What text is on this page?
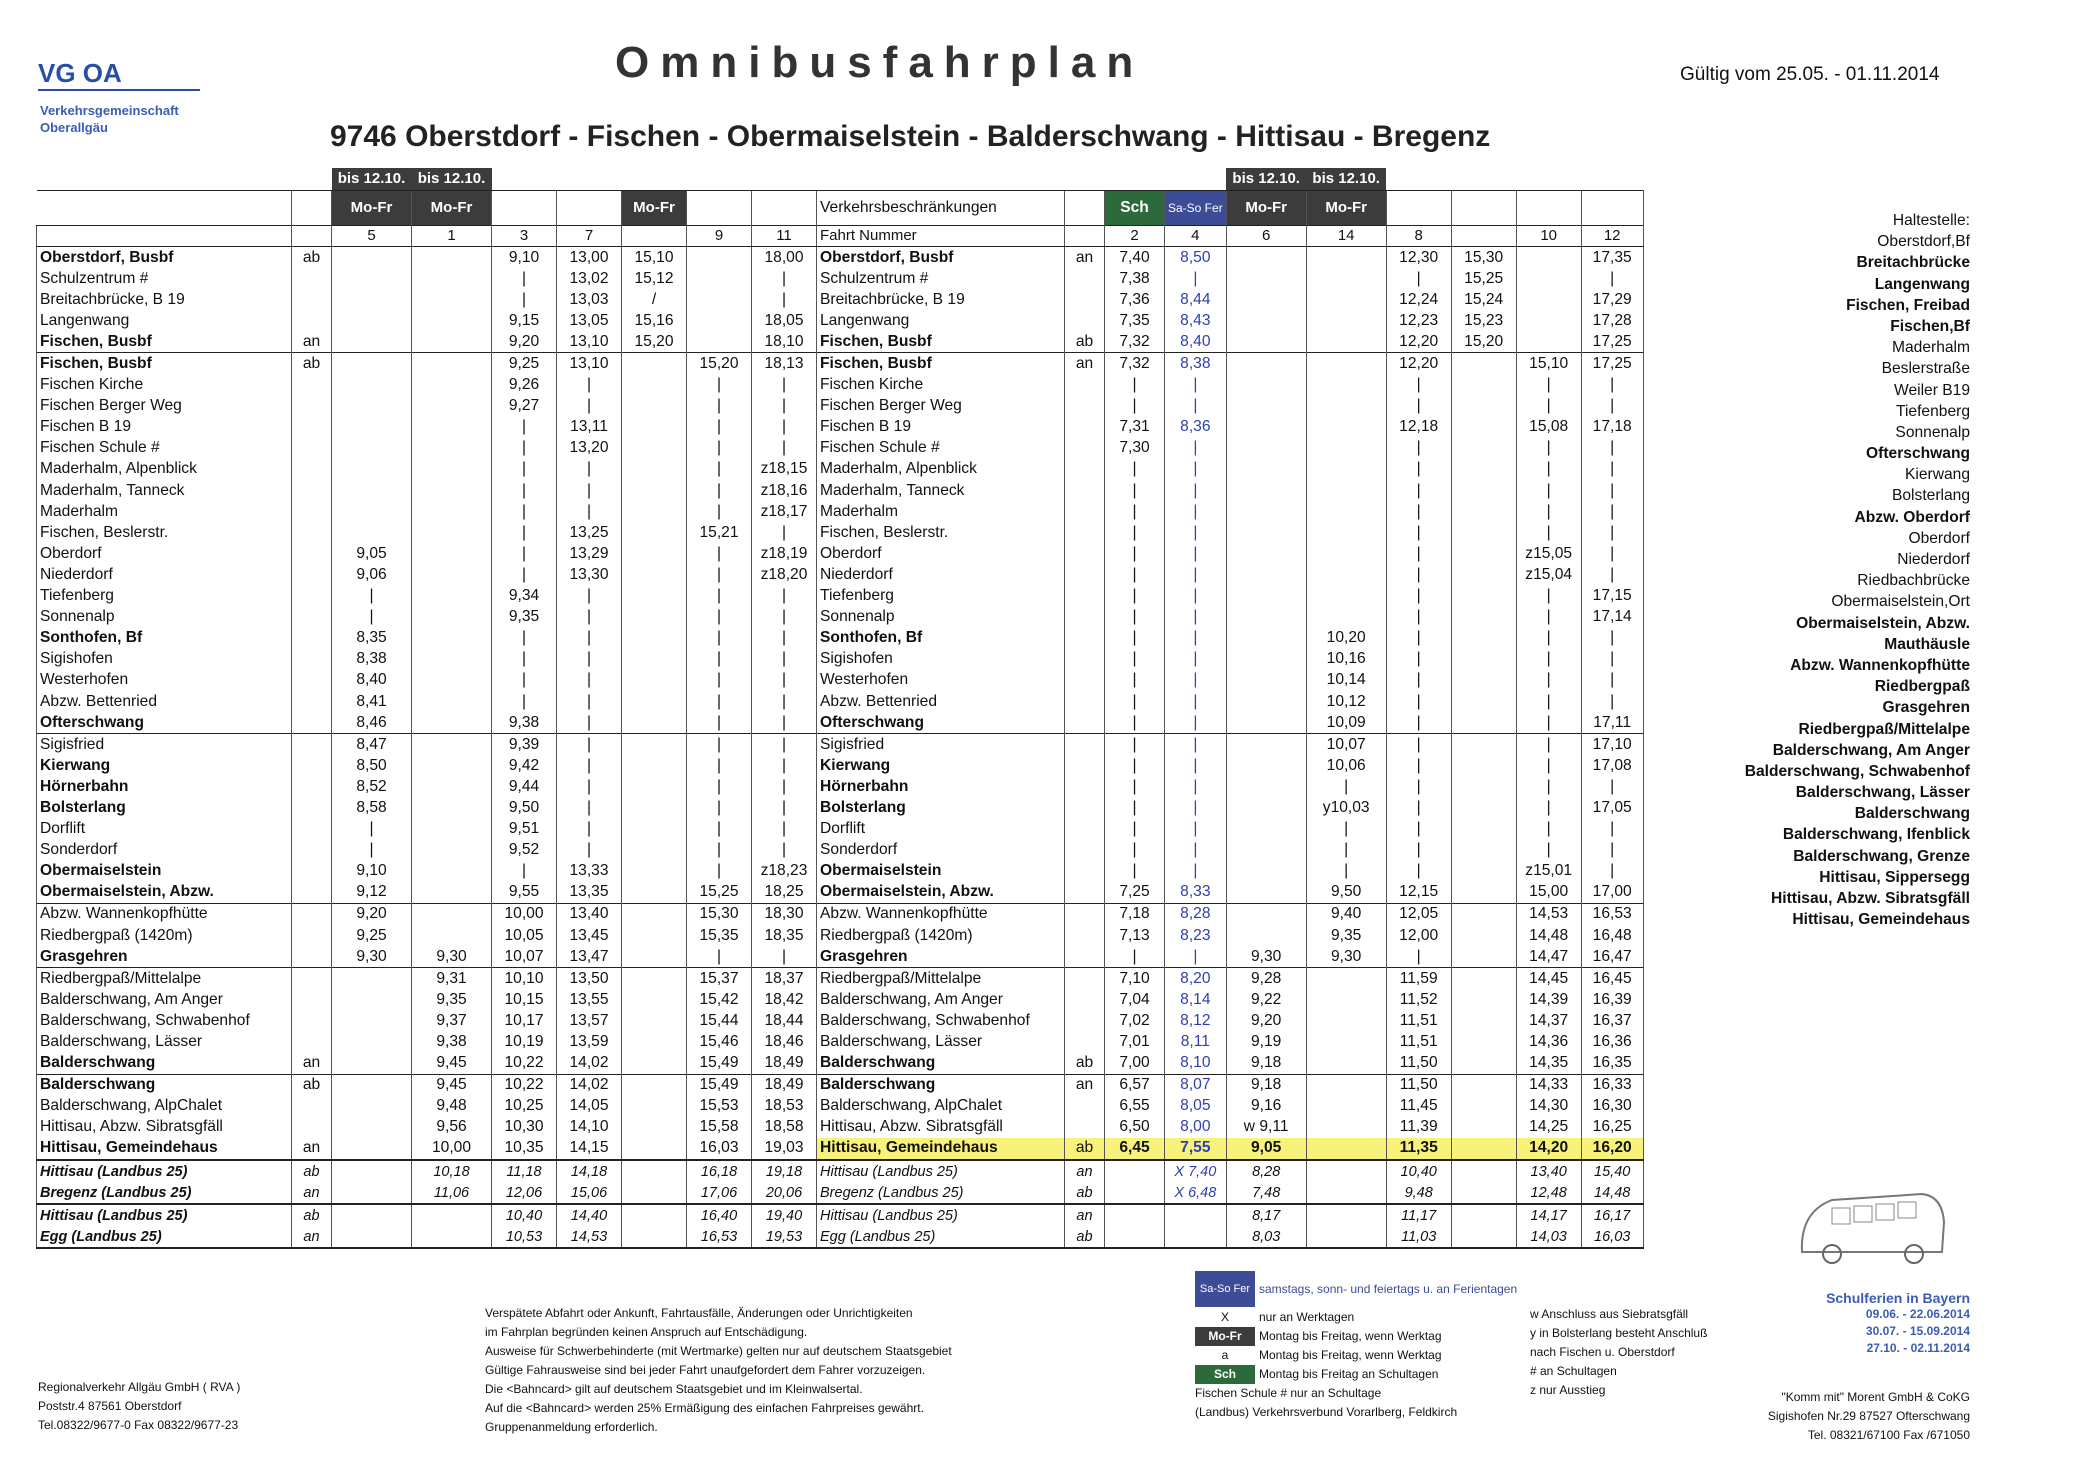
VG OA
Verkehrsgemeinschaft
Oberallgäu
Omnibusfahrplan	Gültig vom 25.05. - 01.11.2014
9746 Oberstdorf - Fischen - Obermaiselstein - Balderschwang - Hittisau - Bregenz
		bis 12.10.	bis 12.10.										bis 12.10.	bis 12.10.				
		Mo-Fr	Mo-Fr			Mo-Fr			Verkehrsbeschränkungen		Sch	Sa-So Fer	Mo-Fr	Mo-Fr				
		5	1	3	7		9	11	Fahrt Nummer		2	4	6	14	8		10	12
Oberstdorf, Busbf	ab			9,10	13,00	15,10		18,00	Oberstdorf, Busbf	an	7,40	8,50			12,30	15,30		17,35
Schulzentrum #				|	13,02	15,12		|	Schulzentrum #		7,38	|			|	15,25		|
Breitachbrücke, B 19				|	13,03	/		|	Breitachbrücke, B 19		7,36	8,44			12,24	15,24		17,29
Langenwang				9,15	13,05	15,16		18,05	Langenwang		7,35	8,43			12,23	15,23		17,28
Fischen, Busbf	an			9,20	13,10	15,20		18,10	Fischen, Busbf	ab	7,32	8,40			12,20	15,20		17,25
Fischen, Busbf	ab			9,25	13,10		15,20	18,13	Fischen, Busbf	an	7,32	8,38			12,20		15,10	17,25
Fischen Kirche				9,26	|		|	|	Fischen Kirche		|	|			|		|	|
Fischen Berger Weg				9,27	|		|	|	Fischen Berger Weg		|	|			|		|	|
Fischen B 19				|	13,11		|	|	Fischen B 19		7,31	8,36			12,18		15,08	17,18
Fischen Schule #				|	13,20		|	|	Fischen Schule #		7,30	|			|		|	|
Maderhalm, Alpenblick				|	|		|	z18,15	Maderhalm, Alpenblick		|	|			|		|	|
Maderhalm, Tanneck				|	|		|	z18,16	Maderhalm, Tanneck		|	|			|		|	|
Maderhalm				|	|		|	z18,17	Maderhalm		|	|			|		|	|
Fischen, Beslerstr.				|	13,25		15,21	|	Fischen, Beslerstr.		|	|			|		|	|
Oberdorf		9,05		|	13,29		|	z18,19	Oberdorf		|	|			|		z15,05	|
Niederdorf		9,06		|	13,30		|	z18,20	Niederdorf		|	|			|		z15,04	|
Tiefenberg		|		9,34	|		|	|	Tiefenberg		|	|			|		|	17,15
Sonnenalp		|		9,35	|		|	|	Sonnenalp		|	|			|		|	17,14
Sonthofen, Bf		8,35		|	|		|	|	Sonthofen, Bf		|	|		10,20	|		|	|
Sigishofen		8,38		|	|		|	|	Sigishofen		|	|		10,16	|		|	|
Westerhofen		8,40		|	|		|	|	Westerhofen		|	|		10,14	|		|	|
Abzw. Bettenried		8,41		|	|		|	|	Abzw. Bettenried		|	|		10,12	|		|	|
Ofterschwang		8,46		9,38	|		|	|	Ofterschwang		|	|		10,09	|		|	17,11
Sigisfried		8,47		9,39	|		|	|	Sigisfried		|	|		10,07	|		|	17,10
Kierwang		8,50		9,42	|		|	|	Kierwang		|	|		10,06	|		|	17,08
Hörnerbahn		8,52		9,44	|		|	|	Hörnerbahn		|	|		|	|		|	|
Bolsterlang		8,58		9,50	|		|	|	Bolsterlang		|	|		y10,03	|		|	17,05
Dorflift		|		9,51	|		|	|	Dorflift		|	|		|	|		|	|
Sonderdorf		|		9,52	|		|	|	Sonderdorf		|	|		|	|		|	|
Obermaiselstein		9,10		|	13,33		|	z18,23	Obermaiselstein		|	|		|	|		z15,01	|
Obermaiselstein, Abzw.		9,12		9,55	13,35		15,25	18,25	Obermaiselstein, Abzw.		7,25	8,33		9,50	12,15		15,00	17,00
Abzw. Wannenkopfhütte		9,20		10,00	13,40		15,30	18,30	Abzw. Wannenkopfhütte		7,18	8,28		9,40	12,05		14,53	16,53
Riedbergpaß (1420m)		9,25		10,05	13,45		15,35	18,35	Riedbergpaß (1420m)		7,13	8,23		9,35	12,00		14,48	16,48
Grasgehren		9,30	9,30	10,07	13,47		|	|	Grasgehren		|	|	9,30	9,30	|		14,47	16,47
Riedbergpaß/Mittelalpe			9,31	10,10	13,50		15,37	18,37	Riedbergpaß/Mittelalpe		7,10	8,20	9,28		11,59		14,45	16,45
Balderschwang, Am Anger			9,35	10,15	13,55		15,42	18,42	Balderschwang, Am Anger		7,04	8,14	9,22		11,52		14,39	16,39
Balderschwang, Schwabenhof			9,37	10,17	13,57		15,44	18,44	Balderschwang, Schwabenhof		7,02	8,12	9,20		11,51		14,37	16,37
Balderschwang, Lässer			9,38	10,19	13,59		15,46	18,46	Balderschwang, Lässer		7,01	8,11	9,19		11,51		14,36	16,36
Balderschwang	an		9,45	10,22	14,02		15,49	18,49	Balderschwang	ab	7,00	8,10	9,18		11,50		14,35	16,35
Balderschwang	ab		9,45	10,22	14,02		15,49	18,49	Balderschwang	an	6,57	8,07	9,18		11,50		14,33	16,33
Balderschwang, AlpChalet			9,48	10,25	14,05		15,53	18,53	Balderschwang, AlpChalet		6,55	8,05	9,16		11,45		14,30	16,30
Hittisau, Abzw. Sibratsgfäll			9,56	10,30	14,10		15,58	18,58	Hittisau, Abzw. Sibratsgfäll		6,50	8,00	w 9,11		11,39		14,25	16,25
Hittisau, Gemeindehaus	an		10,00	10,35	14,15		16,03	19,03	Hittisau, Gemeindehaus	ab	6,45	7,55	9,05		11,35		14,20	16,20
Hittisau (Landbus 25)	ab		10,18	11,18	14,18		16,18	19,18	Hittisau (Landbus 25)	an		X 7,40	8,28		10,40		13,40	15,40
Bregenz (Landbus 25)	an		11,06	12,06	15,06		17,06	20,06	Bregenz (Landbus 25)	ab		X 6,48	7,48		9,48		12,48	14,48
Hittisau (Landbus 25)	ab			10,40	14,40		16,40	19,40	Hittisau (Landbus 25)	an			8,17		11,17		14,17	16,17
Egg (Landbus 25)	an			10,53	14,53		16,53	19,53	Egg (Landbus 25)	ab			8,03		11,03		14,03	16,03
Haltestelle:
Oberstdorf,Bf
Breitachbrücke
Langenwang
Fischen, Freibad
Fischen,Bf
Maderhalm
Beslerstraße
Weiler B19
Tiefenberg
Sonnenalp
Ofterschwang
Kierwang
Bolsterlang
Abzw. Oberdorf
Oberdorf
Niederdorf
Riedbachbrücke
Obermaiselstein,Ort
Obermaiselstein, Abzw.
Mauthäusle
Abzw. Wannenkopfhütte
Riedbergpaß
Grasgehren
Riedbergpaß/Mittelalpe
Balderschwang, Am Anger
Balderschwang, Schwabenhof
Balderschwang, Lässer
Balderschwang
Balderschwang, Ifenblick
Balderschwang, Grenze
Hittisau, Sippersegg
Hittisau, Abzw. Sibratsgfäll
Hittisau, Gemeindehaus
Sa-So Fer samstags, sonn- und feiertags u. an Ferientagen
X	nur an Werktagen
Mo-Fr	Montag bis Freitag, wenn Werktag
a	Montag bis Freitag, wenn Werktag
Sch	Montag bis Freitag an Schultagen
Fischen Schule # nur an Schultage
(Landbus) Verkehrsverbund Vorarlberg, Feldkirch
w Anschluss aus Siebratsgfäll
y in Bolsterlang besteht Anschluß
nach Fischen u. Oberstdorf
# an Schultagen
z nur Ausstieg
Verspätete Abfahrt oder Ankunft, Fahrtausfälle, Änderungen oder Unrichtigkeiten
im Fahrplan begründen keinen Anspruch auf Entschädigung.
Ausweise für Schwerbehinderte (mit Wertmarke) gelten nur auf deutschem Staatsgebiet
Gültige Fahrausweise sind bei jeder Fahrt unaufgefordert dem Fahrer vorzuzeigen.
Die <Bahncard> gilt auf deutschem Staatsgebiet und im Kleinwalsertal.
Auf die <Bahncard> werden 25% Ermäßigung des einfachen Fahrpreises gewährt.
Gruppenanmeldung erforderlich.
Regionalverkehr Allgäu GmbH ( RVA )
Poststr.4 87561 Oberstdorf
Tel.08322/9677-0 Fax 08322/9677-23
Schulferien in Bayern
09.06. - 22.06.2014
30.07. - 15.09.2014
27.10. - 02.11.2014
"Komm mit" Morent GmbH & CoKG
Sigishofen Nr.29 87527 Ofterschwang
Tel. 08321/67100 Fax /671050
